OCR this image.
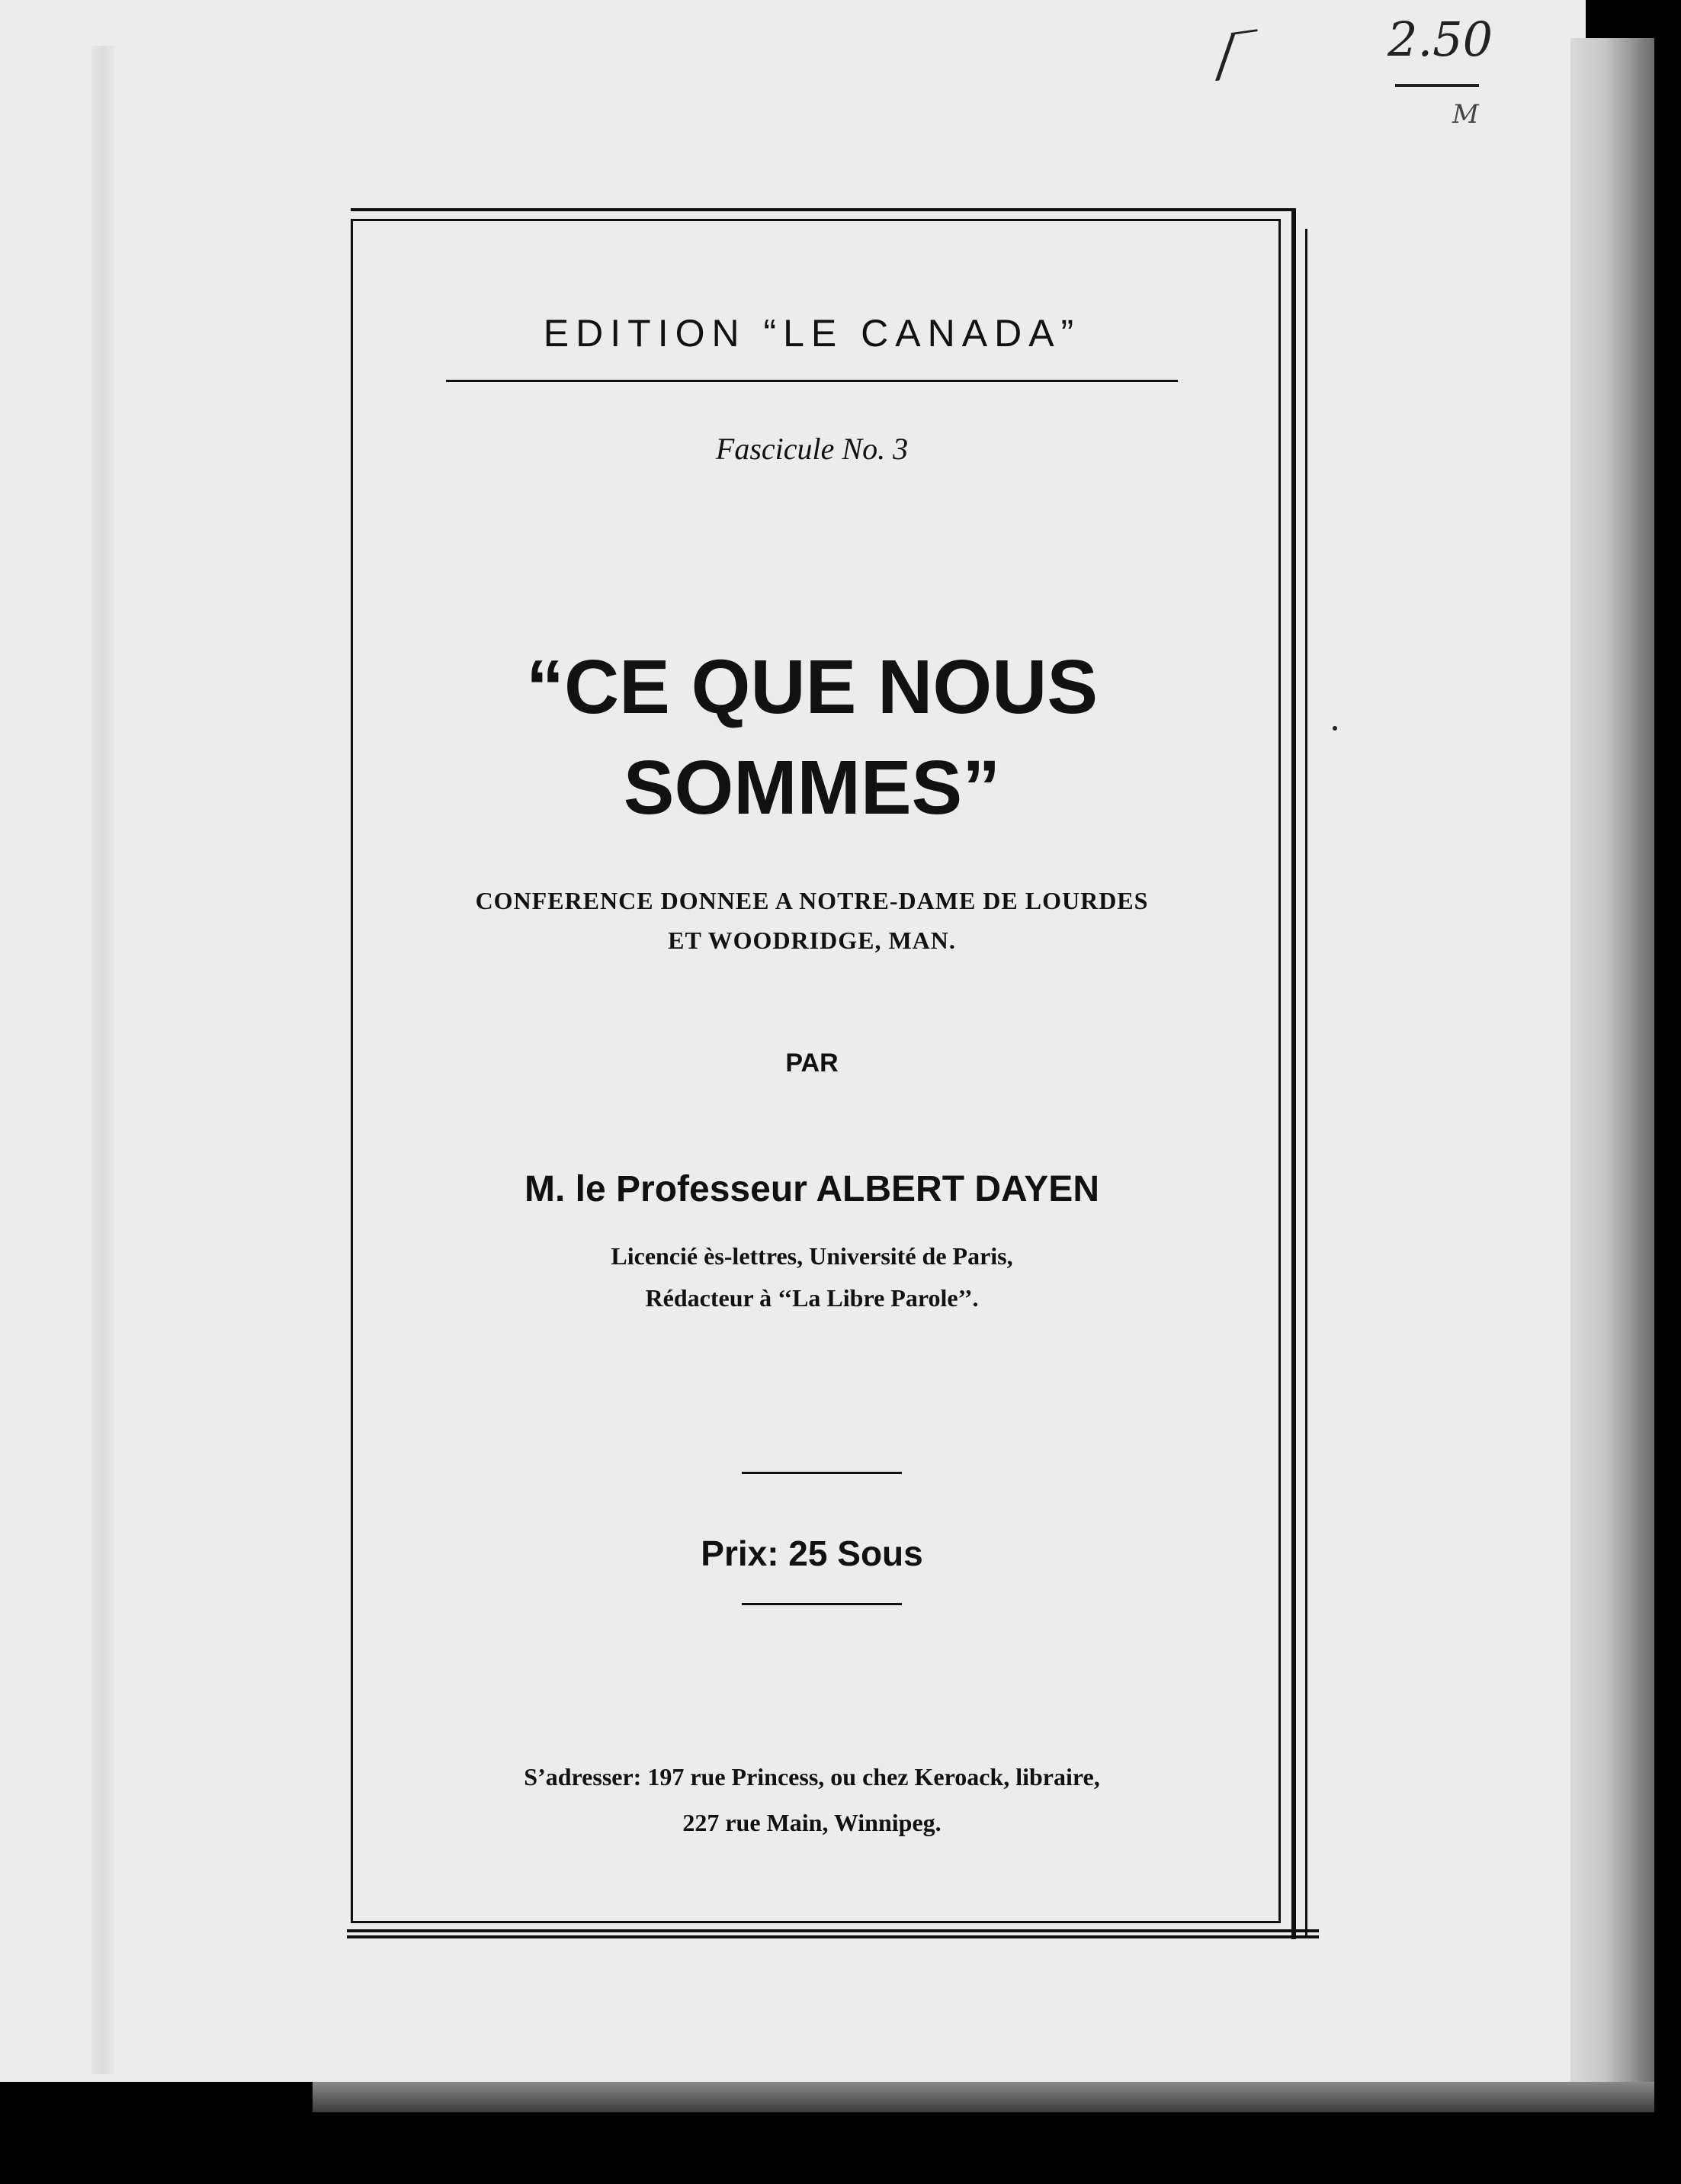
/‾	2.50
M
EDITION “LE CANADA”
Fascicule No. 3
“CE QUE NOUS
SOMMES”
CONFERENCE DONNEE A NOTRE-DAME DE LOURDES
ET WOODRIDGE, MAN.
PAR
M. le Professeur ALBERT DAYEN
Licencié ès-lettres, Université de Paris,
Rédacteur à ‘‘La Libre Parole’’.
Prix: 25 Sous
S’adresser: 197 rue Princess, ou chez Keroack, libraire,
227 rue Main, Winnipeg.
